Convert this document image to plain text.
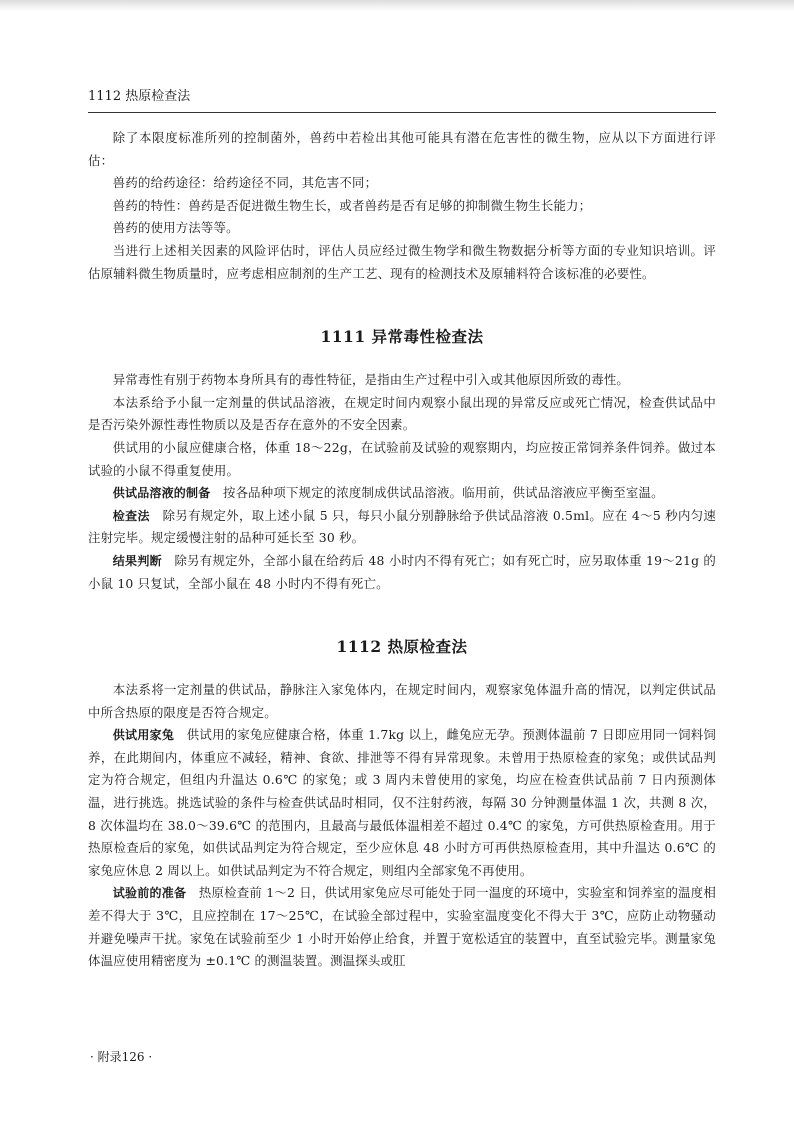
1112 热原检查法

除了本限度标准所列的控制菌外，兽药中若检出其他可能具有潜在危害性的微生物，应从以下方面进行评估：

兽药的给药途径：给药途径不同，其危害不同；

兽药的特性：兽药是否促进微生物生长，或者兽药是否有足够的抑制微生物生长能力；

兽药的使用方法等等。

当进行上述相关因素的风险评估时，评估人员应经过微生物学和微生物数据分析等方面的专业知识培训。评估原辅料微生物质量时，应考虑相应制剂的生产工艺、现有的检测技术及原辅料符合该标准的必要性。

1111 异常毒性检查法

异常毒性有别于药物本身所具有的毒性特征，是指由生产过程中引入或其他原因所致的毒性。

本法系给予小鼠一定剂量的供试品溶液，在规定时间内观察小鼠出现的异常反应或死亡情况，检查供试品中是否污染外源性毒性物质以及是否存在意外的不安全因素。

供试用的小鼠应健康合格，体重 18～22g，在试验前及试验的观察期内，均应按正常饲养条件饲养。做过本试验的小鼠不得重复使用。

供试品溶液的制备　 按各品种项下规定的浓度制成供试品溶液。临用前，供试品溶液应平衡至室温。

检查法　 除另有规定外，取上述小鼠 5 只，每只小鼠分别静脉给予供试品溶液 0.5ml。应在 4～5 秒内匀速注射完毕。规定缓慢注射的品种可延长至 30 秒。

结果判断　 除另有规定外，全部小鼠在给药后 48 小时内不得有死亡；如有死亡时，应另取体重 19～21g 的小鼠 10 只复试，全部小鼠在 48 小时内不得有死亡。

1112 热原检查法

本法系将一定剂量的供试品，静脉注入家兔体内，在规定时间内，观察家兔体温升高的情况，以判定供试品中所含热原的限度是否符合规定。

供试用家兔　 供试用的家兔应健康合格，体重 1.7kg 以上，雌兔应无孕。预测体温前 7 日即应用同一饲料饲养，在此期间内，体重应不减轻，精神、食欲、排泄等不得有异常现象。未曾用于热原检查的家兔；或供试品判定为符合规定，但组内升温达 0.6℃ 的家兔；或 3 周内未曾使用的家兔，均应在检查供试品前 7 日内预测体温，进行挑选。挑选试验的条件与检查供试品时相同，仅不注射药液，每隔 30 分钟测量体温 1 次，共测 8 次，8 次体温均在 38.0～39.6℃ 的范围内，且最高与最低体温相差不超过 0.4℃ 的家兔，方可供热原检查用。用于热原检查后的家兔，如供试品判定为符合规定，至少应休息 48 小时方可再供热原检查用，其中升温达 0.6℃ 的家兔应休息 2 周以上。如供试品判定为不符合规定，则组内全部家兔不再使用。

试验前的准备　 热原检查前 1～2 日，供试用家兔应尽可能处于同一温度的环境中，实验室和饲养室的温度相差不得大于 3℃，且应控制在 17～25℃，在试验全部过程中，实验室温度变化不得大于 3℃，应防止动物骚动并避免噪声干扰。家兔在试验前至少 1 小时开始停止给食，并置于宽松适宜的装置中，直至试验完毕。测量家兔体温应使用精密度为 ±0.1℃ 的测温装置。测温探头或肛

· 附录126 ·
